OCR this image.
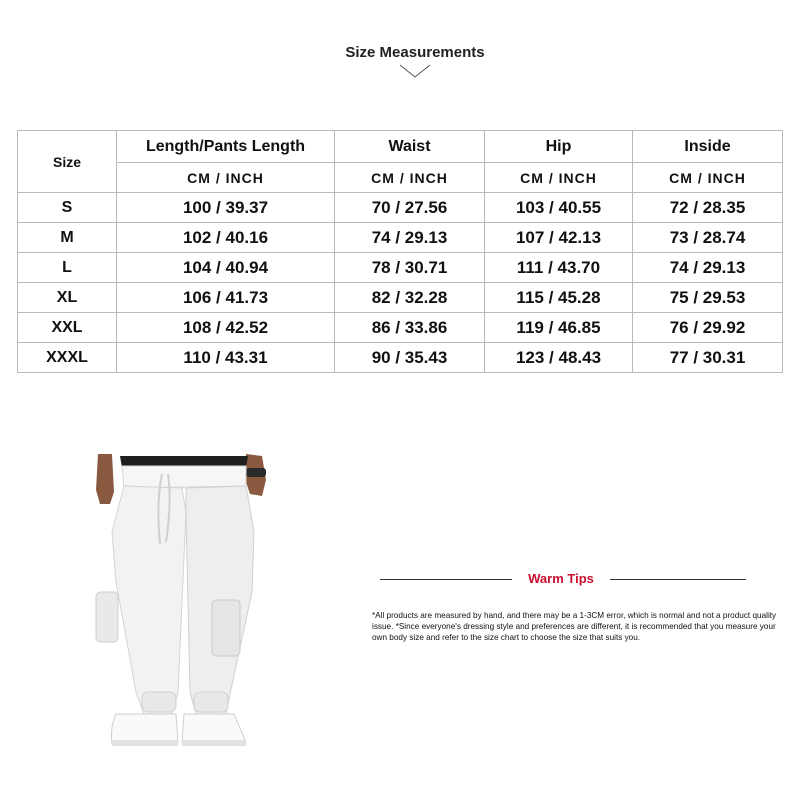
Size Measurements
Size	Length/Pants Length	Waist	Hip	Inside
	CM / INCH	CM / INCH	CM / INCH	CM / INCH
S	100 / 39.37	70 / 27.56	103 / 40.55	72 / 28.35
M	102 / 40.16	74 / 29.13	107 / 42.13	73 / 28.74
L	104 / 40.94	78 / 30.71	111 / 43.70	74 / 29.13
XL	106 / 41.73	82 / 32.28	115 / 45.28	75 / 29.53
XXL	108 / 42.52	86 / 33.86	119 / 46.85	76 / 29.92
XXXL	110 / 43.31	90 / 35.43	123 / 48.43	77 / 30.31
Warm Tips
*All products are measured by hand, and there may be a 1-3CM error, which is normal and not a product quality issue. *Since everyone's dressing style and preferences are different, it is recommended that you measure your own body size and refer to the size chart to choose the size that suits you.
